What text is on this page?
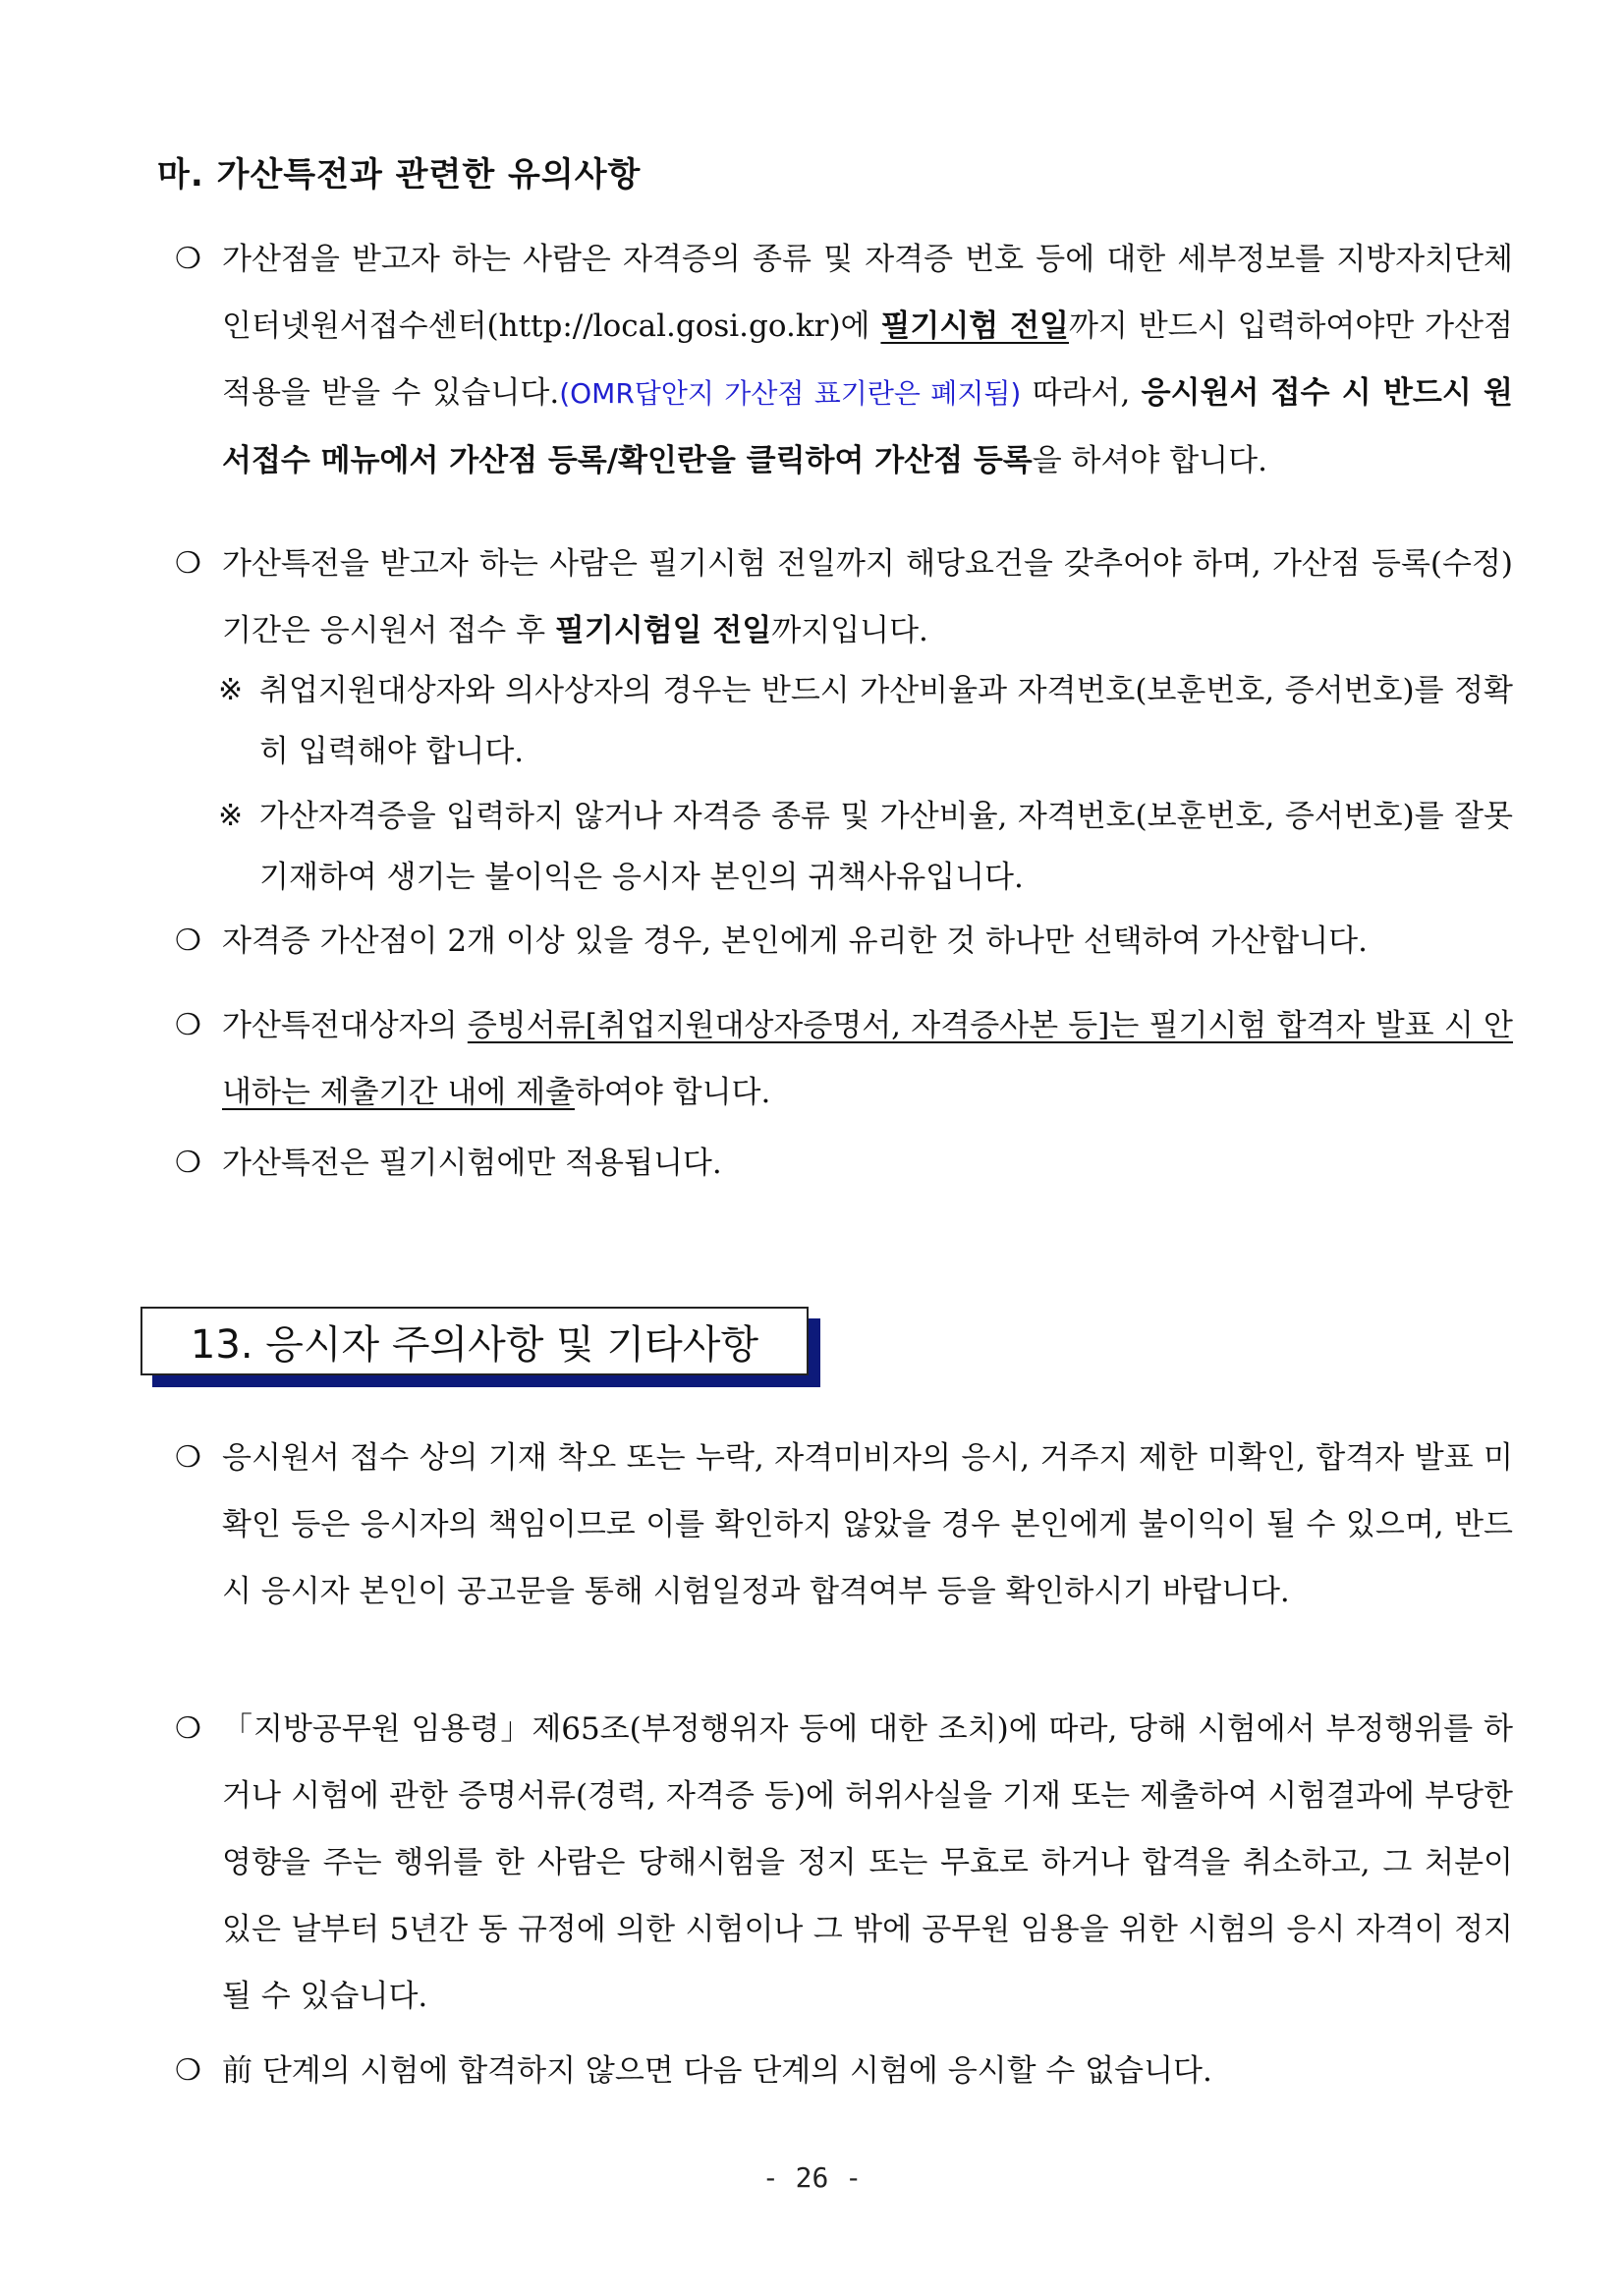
마. 가산특전과 관련한 유의사항
❍ 가산점을 받고자 하는 사람은 자격증의 종류 및 자격증 번호 등에 대한 세부정보를 지방자치단체 인터넷원서접수센터(http://local.gosi.go.kr)에 필기시험 전일까지 반드시 입력하여야만 가산점 적용을 받을 수 있습니다.(OMR답안지 가산점 표기란은 폐지됨) 따라서, 응시원서 접수 시 반드시 원서접수 메뉴에서 가산점 등록/확인란을 클릭하여 가산점 등록을 하셔야 합니다.
❍ 가산특전을 받고자 하는 사람은 필기시험 전일까지 해당요건을 갖추어야 하며, 가산점 등록(수정)기간은 응시원서 접수 후 필기시험일 전일까지입니다.
※ 취업지원대상자와 의사상자의 경우는 반드시 가산비율과 자격번호(보훈번호, 증서번호)를 정확히 입력해야 합니다.
※ 가산자격증을 입력하지 않거나 자격증 종류 및 가산비율, 자격번호(보훈번호, 증서번호)를 잘못 기재하여 생기는 불이익은 응시자 본인의 귀책사유입니다.
❍ 자격증 가산점이 2개 이상 있을 경우, 본인에게 유리한 것 하나만 선택하여 가산합니다.
❍ 가산특전대상자의 증빙서류[취업지원대상자증명서, 자격증사본 등]는 필기시험 합격자 발표 시 안내하는 제출기간 내에 제출하여야 합니다.
❍ 가산특전은 필기시험에만 적용됩니다.
13. 응시자 주의사항 및 기타사항
❍ 응시원서 접수 상의 기재 착오 또는 누락, 자격미비자의 응시, 거주지 제한 미확인, 합격자 발표 미확인 등은 응시자의 책임이므로 이를 확인하지 않았을 경우 본인에게 불이익이 될 수 있으며, 반드시 응시자 본인이 공고문을 통해 시험일정과 합격여부 등을 확인하시기 바랍니다.
❍ 「지방공무원 임용령」제65조(부정행위자 등에 대한 조치)에 따라, 당해 시험에서 부정행위를 하거나 시험에 관한 증명서류(경력, 자격증 등)에 허위사실을 기재 또는 제출하여 시험결과에 부당한 영향을 주는 행위를 한 사람은 당해시험을 정지 또는 무효로 하거나 합격을 취소하고, 그 처분이 있은 날부터 5년간 동 규정에 의한 시험이나 그 밖에 공무원 임용을 위한 시험의 응시 자격이 정지될 수 있습니다.
❍ 前 단계의 시험에 합격하지 않으면 다음 단계의 시험에 응시할 수 없습니다.
- 26 -
